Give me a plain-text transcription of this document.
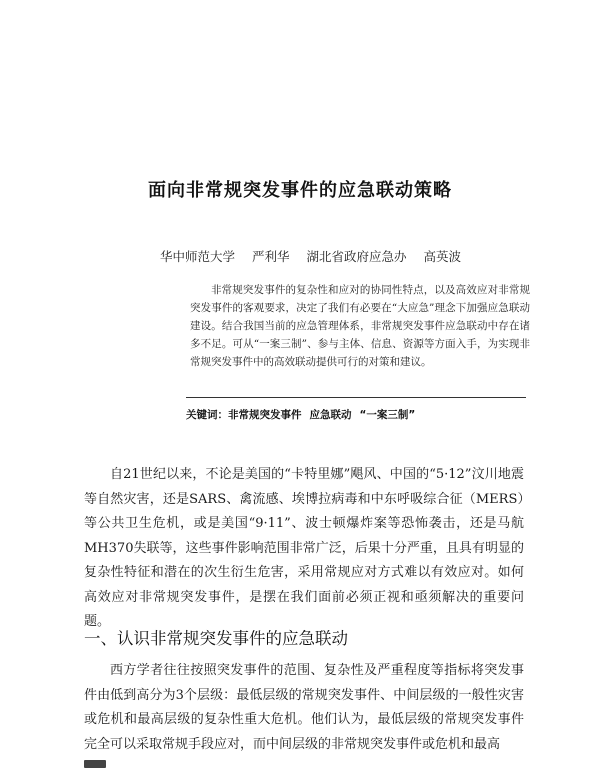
面向非常规突发事件的应急联动策略
华中师范大学 严利华 湖北省政府应急办 高英波
非常规突发事件的复杂性和应对的协同性特点，以及高效应对非常规突发事件的客观要求，决定了我们有必要在“大应急”理念下加强应急联动建设。结合我国当前的应急管理体系，非常规突发事件应急联动中存在诸多不足。可从“一案三制”、参与主体、信息、资源等方面入手，为实现非常规突发事件中的高效联动提供可行的对策和建议。
关键词：非常规突发事件 应急联动 “一案三制”
自21世纪以来，不论是美国的“卡特里娜”飓风、中国的“5·12”汶川地震等自然灾害，还是SARS、禽流感、埃博拉病毒和中东呼吸综合征（MERS）等公共卫生危机，或是美国“9·11”、波士顿爆炸案等恐怖袭击，还是马航MH370失联等，这些事件影响范围非常广泛，后果十分严重，且具有明显的复杂性特征和潜在的次生衍生危害，采用常规应对方式难以有效应对。如何高效应对非常规突发事件，是摆在我们面前必须正视和亟须解决的重要问题。
一、认识非常规突发事件的应急联动
西方学者往往按照突发事件的范围、复杂性及严重程度等指标将突发事件由低到高分为3个层级：最低层级的常规突发事件、中间层级的一般性灾害或危机和最高层级的复杂性重大危机。他们认为，最低层级的常规突发事件完全可以采取常规手段应对，而中间层级的非常规突发事件或危机和最高
